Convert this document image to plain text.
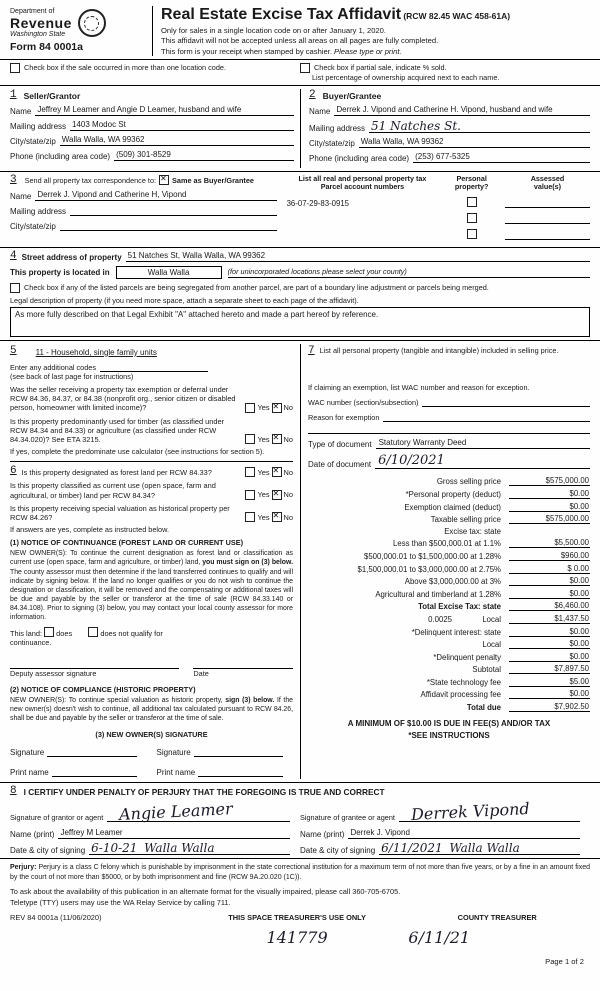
Department of
Revenue
Washington State
Form 84 0001a
Real Estate Excise Tax Affidavit (RCW 82.45 WAC 458-61A)
Only for sales in a single location code on or after January 1, 2020.
This affidavit will not be accepted unless all areas on all pages are fully completed.
This form is your receipt when stamped by cashier. Please type or print.
Check box if the sale occurred in more than one location code.	Check box if partial sale, indicate % sold.
List percentage of ownership acquired next to each name.
1 Seller/Grantor
Name Jeffrey M Leamer and Angie D Leamer, husband and wife
Mailing address 1403 Modoc St
City/state/zip Walla Walla, WA 99362
Phone (including area code) (509) 301-8529
2 Buyer/Grantee
Name Derrek J. Vipond and Catherine H. Vipond, husband and wife
Mailing address 51 Natches St.
City/state/zip Walla Walla, WA 99362
Phone (including area code) (253) 677-5325
3 Send all property tax correspondence to: ✕ Same as Buyer/Grantee
Name Derrek J. Vipond and Catherine H, Vipond
Mailing address
City/state/zip
List all real and personal property tax
Parcel account numbers
Personal
property?
Assessed
value(s)
36-07-29-83-0915
4 Street address of property 51 Natches St, Walla Walla, WA 99362
This property is located in	Walla Walla	(for unincorporated locations please select your county)
Check box if any of the listed parcels are being segregated from another parcel, are part of a boundary line adjustment or parcels being merged.
Legal description of property (if you need more space, attach a separate sheet to each page of the affidavit).
As more fully described on that Legal Exhibit "A" attached hereto and made a part hereof by reference.
5 11 - Household, single family units
Enter any additional codes
(see back of last page for instructions)
Was the seller receiving a property tax exemption or deferral under RCW 84.36, 84.37, or 84.38 (nonprofit org., senior citizen or disabled person, homeowner with limited income)?	Yes ✕ No
Is this property predominantly used for timber (as classified under RCW 84.34 and 84.33) or agriculture (as classified under RCW 84.34.020)? See ETA 3215.	Yes ✕ No
If yes, complete the predominate use calculator (see instructions for section 5).
6 Is this property designated as forest land per RCW 84.33?	Yes ✕ No
Is this property classified as current use (open space, farm and agricultural, or timber) land per RCW 84.34?	Yes ✕ No
Is this property receiving special valuation as historical property per RCW 84.26?	Yes ✕ No
If answers are yes, complete as instructed below.
(1) NOTICE OF CONTINUANCE (FOREST LAND OR CURRENT USE)
NEW OWNER(S): To continue the current designation as forest land or classification as current use (open space, farm and agriculture, or timber) land, you must sign on (3) below. The county assessor must then determine if the land transferred continues to qualify and will indicate by signing below. If the land no longer qualifies or you do not wish to continue the designation or classification, it will be removed and the compensating or additional taxes will be due and payable by the seller or transferor at the time of sale (RCW 84.33.140 or 84.34.108). Prior to signing (3) below, you may contact your local county assessor for more information.
This land: does	does not qualify for
continuance.
Deputy assessor signature	Date
(2) NOTICE OF COMPLIANCE (HISTORIC PROPERTY)
NEW OWNER(S): To continue special valuation as historic property, sign (3) below. If the new owner(s) doesn't wish to continue, all additional tax calculated pursuant to RCW 84.26, shall be due and payable by the seller or transferor at the time of sale.
(3) NEW OWNER(S) SIGNATURE
Signature	Signature
Print name	Print name
7 List all personal property (tangible and intangible) included in selling price.
If claiming an exemption, list WAC number and reason for exception.
WAC number (section/subsection)
Reason for exemption
Type of document Statutory Warranty Deed
Date of document 6/10/2021
Gross selling price	$575,000.00
*Personal property (deduct)	$0.00
Exemption claimed (deduct)	$0.00
Taxable selling price	$575,000.00
Excise tax: state
Less than $500,000.01 at 1.1%	$5,500.00
$500,000.01 to $1,500,000.00 at 1.28%	$960.00
$1,500,000.01 to $3,000,000.00 at 2.75%	$ 0.00
Above $3,000,000.00 at 3%	$0.00
Agricultural and timberland at 1.28%	$0.00
Total Excise Tax: state	$6,460.00
0.0025              Local	$1,437.50
*Delinquent interest: state	$0.00
Local	$0.00
*Delinquent penalty	$0.00
Subtotal	$7,897.50
*State technology fee	$5.00
Affidavit processing fee	$0.00
Total due	$7,902.50
A MINIMUM OF $10.00 IS DUE IN FEE(S) AND/OR TAX
*SEE INSTRUCTIONS
8 I CERTIFY UNDER PENALTY OF PERJURY THAT THE FOREGOING IS TRUE AND CORRECT
Signature of grantor or agent Angie Leamer	Signature of grantee or agent Derrek Vipond
Name (print) Jeffrey M Leamer	Name (print) Derrek J. Vipond
Date & city of signing 6-10-21 Walla Walla	Date & city of signing 6/11/2021 Walla Walla
Perjury: Perjury is a class C felony which is punishable by imprisonment in the state correctional institution for a maximum term of not more than five years, or by a fine in an amount fixed by the court of not more than $5000, or by both imprisonment and fine (RCW 9A.20.020 (1C)).
To ask about the availability of this publication in an alternate format for the visually impaired, please call 360-705-6705.
Teletype (TTY) users may use the WA Relay Service by calling 711.
REV 84 0001a (11/06/2020)	THIS SPACE TREASURER'S USE ONLY
141779
COUNTY TREASURER
6/11/21
Page 1 of 2
